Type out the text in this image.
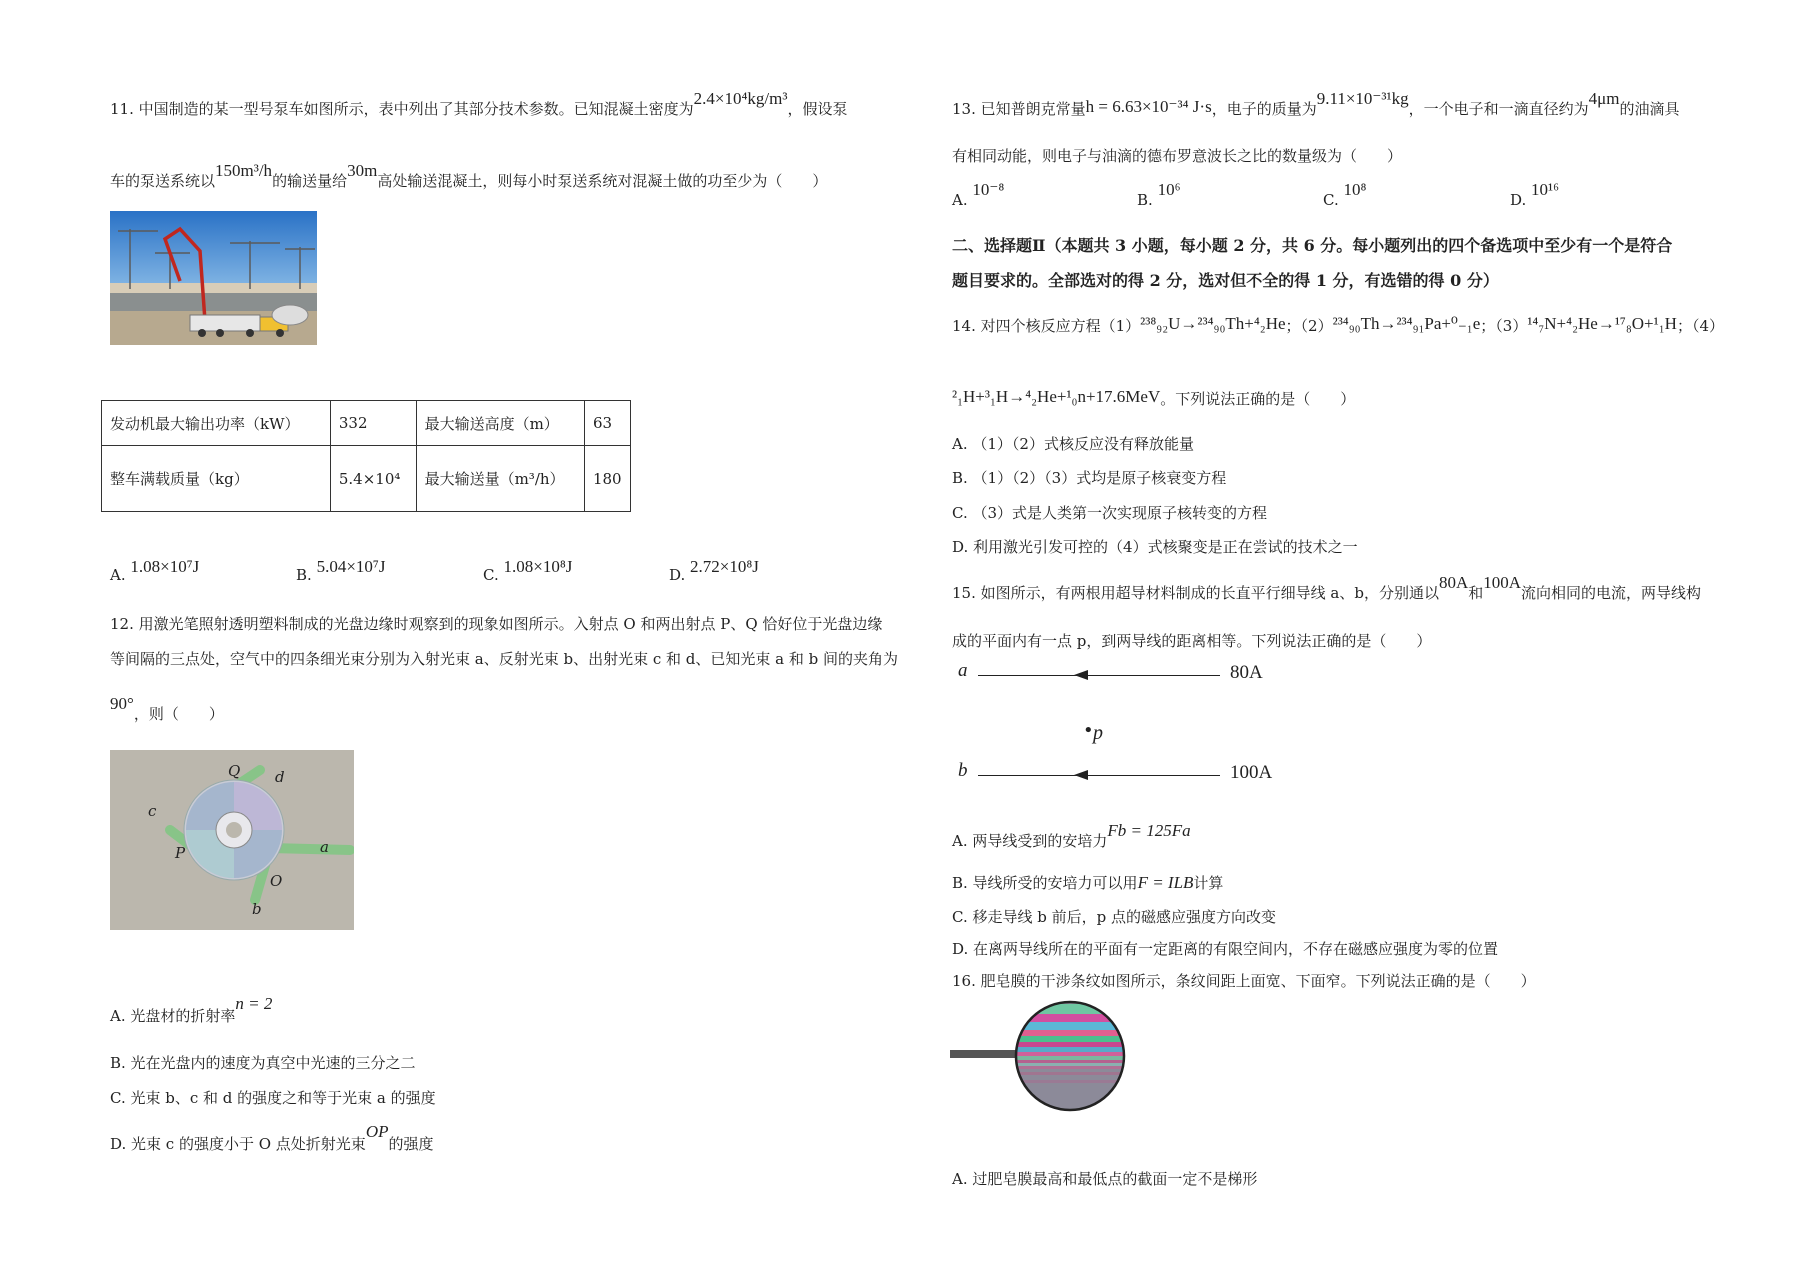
11. 中国制造的某一型号泵车如图所示，表中列出了其部分技术参数。已知混凝土密度为2.4×10⁴kg/m³，假设泵
车的泵送系统以150m³/h的输送量给30m高处输送混凝土，则每小时泵送系统对混凝土做的功至少为（　　）
发动机最大输出功率（kW）	332	最大输送高度（m）	63
整车满载质量（kg）	5.4×10⁴	最大输送量（m³/h）	180
A. 1.08×10⁷J	B. 5.04×10⁷J	C. 1.08×10⁸J	D. 2.72×10⁸J
12. 用激光笔照射透明塑料制成的光盘边缘时观察到的现象如图所示。入射点 O 和两出射点 P、Q 恰好位于光盘边缘
等间隔的三点处，空气中的四条细光束分别为入射光束 a、反射光束 b、出射光束 c 和 d、已知光束 a 和 b 间的夹角为
90°，则（　　）
Q d
c
a
P
O
b
A. 光盘材的折射率n = 2
B. 光在光盘内的速度为真空中光速的三分之二
C. 光束 b、c 和 d 的强度之和等于光束 a 的强度
D. 光束 c 的强度小于 O 点处折射光束OP的强度
13. 已知普朗克常量h = 6.63×10⁻³⁴ J·s，电子的质量为9.11×10⁻³¹kg，一个电子和一滴直径约为4μm的油滴具
有相同动能，则电子与油滴的德布罗意波长之比的数量级为（　　）
A. 10⁻⁸
B. 10⁶
C. 10⁸
D. 10¹⁶
二、选择题Ⅱ（本题共 3 小题，每小题 2 分，共 6 分。每小题列出的四个备选项中至少有一个是符合
题目要求的。全部选对的得 2 分，选对但不全的得 1 分，有选错的得 0 分）
14. 对四个核反应方程（1）²³⁸₉₂U→²³⁴₉₀Th+⁴₂He；（2）²³⁴₉₀Th→²³⁴₉₁Pa+⁰₋₁e；（3）¹⁴₇N+⁴₂He→¹⁷₈O+¹₁H；（4）
²₁H+³₁H→⁴₂He+¹₀n+17.6MeV。下列说法正确的是（　　）
A. （1）（2）式核反应没有释放能量
B. （1）（2）（3）式均是原子核衰变方程
C. （3）式是人类第一次实现原子核转变的方程
D. 利用激光引发可控的（4）式核聚变是正在尝试的技术之一
15. 如图所示，有两根用超导材料制成的长直平行细导线 a、b，分别通以80A和100A流向相同的电流，两导线构
成的平面内有一点 p，到两导线的距离相等。下列说法正确的是（　　）
a	80A
• p
b	100A
A. 两导线受到的安培力Fb = 125Fa
B. 导线所受的安培力可以用F = ILB计算
C. 移走导线 b 前后，p 点的磁感应强度方向改变
D. 在离两导线所在的平面有一定距离的有限空间内，不存在磁感应强度为零的位置
16. 肥皂膜的干涉条纹如图所示，条纹间距上面宽、下面窄。下列说法正确的是（　　）
A. 过肥皂膜最高和最低点的截面一定不是梯形
